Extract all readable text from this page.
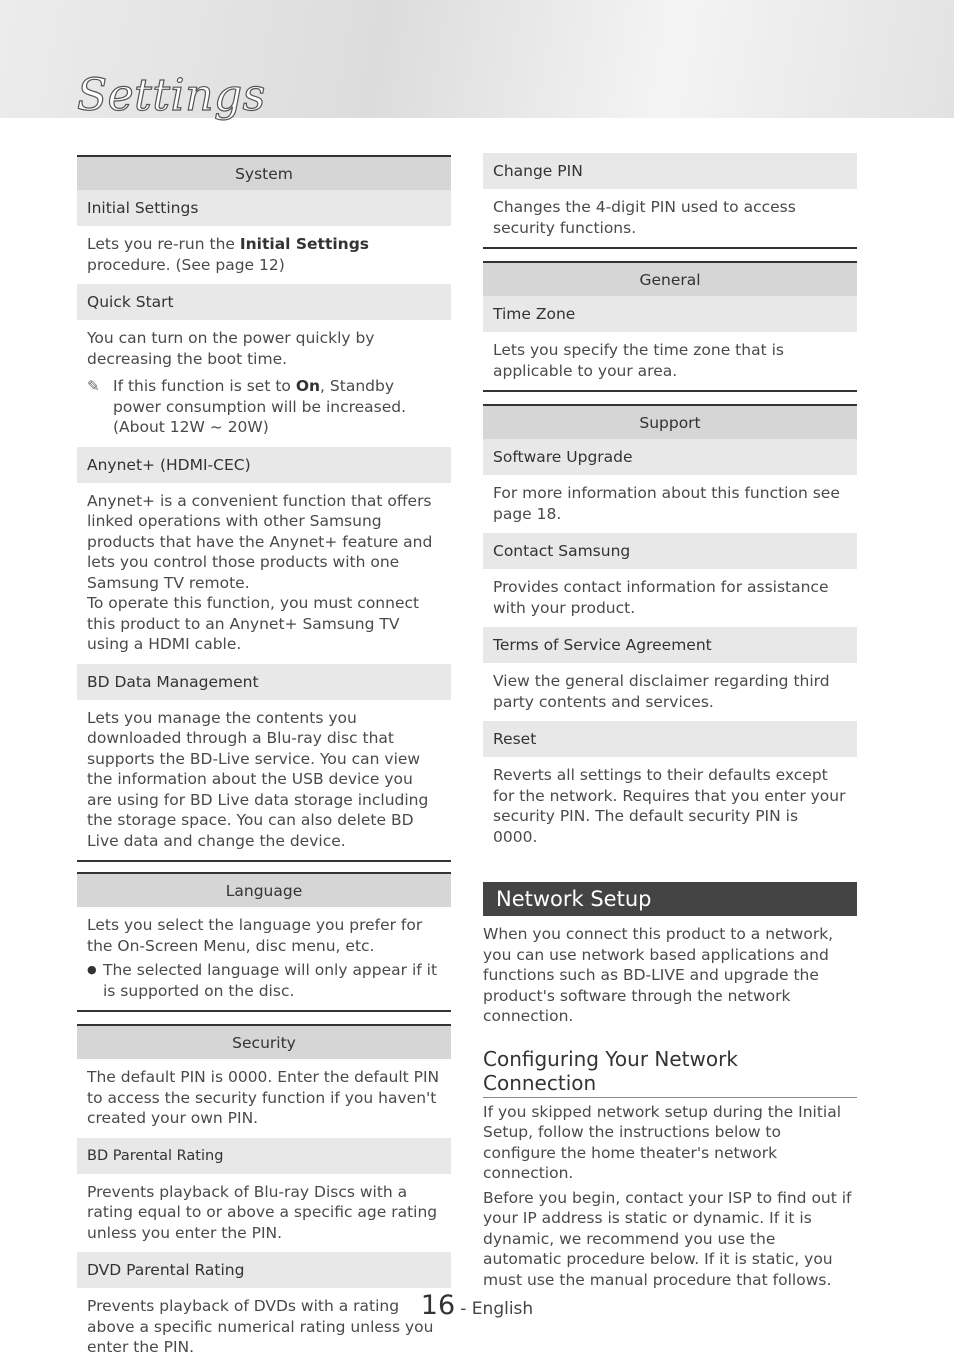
Settings
System
Initial Settings
Lets you re-run the Initial Settings procedure. (See page 12)
Quick Start
You can turn on the power quickly by decreasing the boot time.
✎ If this function is set to On, Standby power consumption will be increased. (About 12W ~ 20W)
Anynet+ (HDMI-CEC)
Anynet+ is a convenient function that offers linked operations with other Samsung products that have the Anynet+ feature and lets you control those products with one Samsung TV remote.
To operate this function, you must connect this product to an Anynet+ Samsung TV using a HDMI cable.
BD Data Management
Lets you manage the contents you downloaded through a Blu-ray disc that supports the BD-Live service. You can view the information about the USB device you are using for BD Live data storage including the storage space. You can also delete BD Live data and change the device.
Language
Lets you select the language you prefer for the On-Screen Menu, disc menu, etc.
● The selected language will only appear if it is supported on the disc.
Security
The default PIN is 0000. Enter the default PIN to access the security function if you haven't created your own PIN.
BD Parental Rating
Prevents playback of Blu-ray Discs with a rating equal to or above a specific age rating unless you enter the PIN.
DVD Parental Rating
Prevents playback of DVDs with a rating above a specific numerical rating unless you enter the PIN.
Change PIN
Changes the 4-digit PIN used to access security functions.
General
Time Zone
Lets you specify the time zone that is applicable to your area.
Support
Software Upgrade
For more information about this function see page 18.
Contact Samsung
Provides contact information for assistance with your product.
Terms of Service Agreement
View the general disclaimer regarding third party contents and services.
Reset
Reverts all settings to their defaults except for the network. Requires that you enter your security PIN. The default security PIN is 0000.
Network Setup
When you connect this product to a network, you can use network based applications and functions such as BD-LIVE and upgrade the product's software through the network connection.
Configuring Your Network Connection
If you skipped network setup during the Initial Setup, follow the instructions below to configure the home theater's network connection.
Before you begin, contact your ISP to find out if your IP address is static or dynamic. If it is dynamic, we recommend you use the automatic procedure below. If it is static, you must use the manual procedure that follows.
16 - English
